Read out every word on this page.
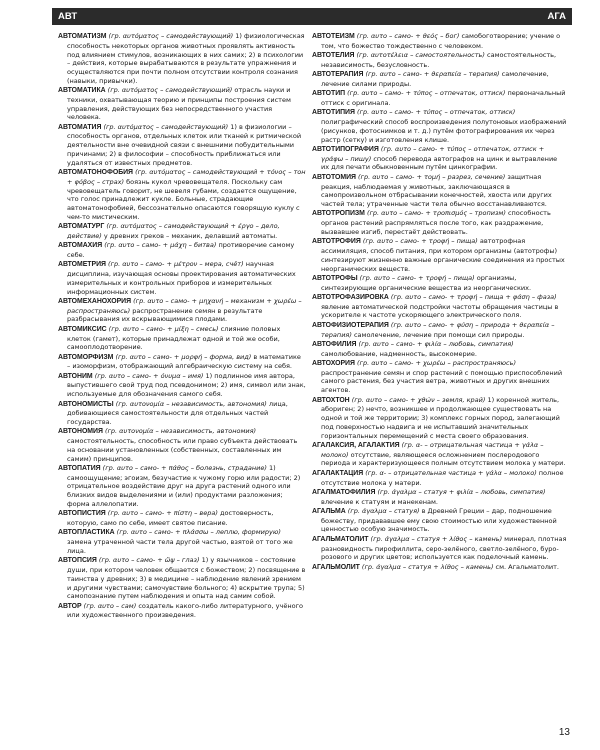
АВТ	АГА

АВТОМАТИЗМ (гр. αυτόματος – самодействующий) 1) физиологическая способность некоторых органов животных проявлять активность под влиянием стимулов, возникающих в них самих; 2) в психологии – действия, которые вырабатываются в результате упражнения и осуществляются при почти полном отсутствии контроля сознания (навыки, привычки).

АВТОМАТИКА (гр. αυτόματος – самодействующий) отрасль науки и техники, охватывающая теорию и принципы построения систем управления, действующих без непосредственного участия человека.

АВТОМАТИЯ (гр. αυτόματος – самодействующий) 1) в физиологии – способность органов, отдельных клеток или тканей к ритмической деятельности вне очевидной связи с внешними побудительными причинами; 2) в философии – способность приближаться или удаляться от известных предметов.

АВТОМАТОНОФОБИЯ (гр. αυτόματος – самодействующий + τόνος – тон + φόβος – страх) боязнь кукол чревовещателя. Поскольку сам чревовещатель говорит, не шевеля губами, создается ощущение, что голос принадлежит кукле. Больные, страдающие автоматонофобией, бессознательно опасаются говорящую куклу с чем-то мистическим.

АВТОМАТУРГ (гр. αυτόματος – самодействующий + έργο – дело, действие) у древних греков – механик, делавший автоматы.

АВТОМАХИЯ (гр. αυτο – само- + μάχη – битва) противоречие самому себе.

АВТОМЕТРИЯ (гр. αυτο – само- + μέτρον – мера, счёт) научная дисциплина, изучающая основы проектирования автоматических измерительных и контрольных приборов и измерительных информационных систем.

АВТОМЕХАНОХОРИЯ (гр. αυτο – само- + μηχανή – механизм + χωρέω – распространяюсь) распространение семян в результате разбрасывания их вскрывающимися плодами.

АВТОМИКСИС (гр. αυτο – само- + μίξη – смесь) слияние половых клеток (гамет), которые принадлежат одной и той же особи, самооплодотворение.

АВТОМОРФИЗМ (гр. αυτο – само- + μορφή – форма, вид) в математике – изоморфизм, отображающий алгебраическую систему на себя.

АВТОНИМ (гр. αυτο – само- + όνυμα – имя) 1) подлинное имя автора, выпустившего свой труд под псевдонимом; 2) имя, символ или знак, используемые для обозначения самого себя.

АВТОНОМИСТЫ (гр. αυτονομία – независимость, автономия) лица, добивающиеся самостоятельности для отдельных частей государства.

АВТОНОМИЯ (гр. αυτονομία – независимость, автономия) самостоятельность, способность или право субъекта действовать на основании установленных (собственных, составленных им самим) принципов.

АВТОПАТИЯ (гр. αυτο – само- + πάθος – болезнь, страдание) 1) самоощущение; эгоизм, безучастие к чужому горю или радости; 2) отрицательное воздействие друг на друга растений одного или близких видов выделениями и (или) продуктами разложения; форма аллелопатии.

АВТОПИСТИЯ (гр. αυτο – само- + πίστη – вера) достоверность, которую, само по себе, имеет святое писание.

АВТОПЛАСТИКА (гр. αυτο – само- + πλάσσω – леплю, формирую) замена утраченной части тела другой частью, взятой от того же лица.

АВТОПСИЯ (гр. αυτο – само- + ὤψ – глаз) 1) у язычников – состояние души, при котором человек общается с божеством; 2) посвящение в таинства у древних; 3) в медицине – наблюдение явлений зрением и другими чувствами; самочувствие больного; 4) вскрытие трупа; 5) самопознание путем наблюдения и опыта над самим собой.

АВТОР (гр. αυτο – сам) создатель какого-либо литературного, учёного или художественного произведения.

АВТОТЕИЗМ (гр. αυτο – само- + θεός – бог) самобоготворение; учение о том, что божество тождественно с человеком.

АВТОТЕЛИЯ (гр. αυτοτέλεια – самостоятельность) самостоятельность, независимость, безусловность.

АВТОТЕРАПИЯ (гр. αυτο – само- + θεραπεία – терапия) самолечение, лечение силами природы.

АВТОТИП (гр. αυτο – само- + τύπος – отпечаток, оттиск) первоначальный оттиск с оригинала.

АВТОТИПИЯ (гр. αυτο – само- + τύπος – отпечаток, оттиск) полиграфический способ воспроизведения полутоновых изображений (рисунков, фотоснимков и т. д.) путём фотографирования их через растр (сетку) и изготовления клише.

АВТОТИПОГРАФИЯ (гр. αυτο – само- + τύπος – отпечаток, оттиск + γράφω – пишу) способ перевода автографов на цинк и вытравление их для печати обыкновенным путём цинкографии.

АВТОТОМИЯ (гр. αυτο – само- + τομή – разрез, сечение) защитная реакция, наблюдаемая у животных, заключающаяся в самопроизвольном отбрасывании конечностей, хвоста или других частей тела; утраченные части тела обычно восстанавливаются.

АВТОТРОПИЗМ (гр. αυτο – само- + τροπισμός – тропизм) способность органов растений распрямляться после того, как раздражение, вызвавшее изгиб, перестаёт действовать.

АВТОТРОФИЯ (гр. αυτο – само- + τροφή – пища) автотрофная ассимиляция, способ питания, при котором организмы (автотрофы) синтезируют жизненно важные органические соединения из простых неорганических веществ.

АВТОТРОФЫ (гр. αυτο – само- + τροφή – пища) организмы, синтезирующие органические вещества из неорганических.

АВТОТРОФАЗИРОВКА (гр. αυτο – само- + τροφή – пища + φάση – фаза) явление автоматической подстройки частоты обращения частицы в ускорителе к частоте ускоряющего электрического поля.

АВТОФИЗИОТЕРАПИЯ (гр. αυτο – само- + φύση – природа + θεραπεία – терапия) самолечение, лечение при помощи сил природы.

АВТОФИЛИЯ (гр. αυτο – само- + φιλία – любовь, симпатия) самолюбование, надменность, высокомерие.

АВТОХОРИЯ (гр. αυτο – само- + χωρέω – распространяюсь) распространение семян и спор растений с помощью приспособлений самого растения, без участия ветра, животных и других внешних агентов.

АВТОХТОН (гр. αυτο – само- + χθών – земля, край) 1) коренной житель, абориген; 2) нечто, возникшее и продолжающее существовать на одной и той же территории; 3) комплекс горных пород, залегающий под поверхностью надвига и не испытавший значительных горизонтальных перемещений с места своего образования.

АГАЛАКСИЯ, АГАЛАКТИЯ (гр. α- – отрицательная частица + γάλα – молоко) отсутствие, являющееся осложнением послеродового периода и характеризующееся полным отсутствием молока у матери.

АГАЛАКТАЦИЯ (гр. α- – отрицательная частица + γάλα – молоко) полное отсутствие молока у матери.

АГАЛМАТОФИЛИЯ (гр. άγαλμα – статуя + φιλία – любовь, симпатия) влечение к статуям и манекенам.

АГАЛЬМА (гр. άγαλμα – статуя) в Древней Греции – дар, подношение божеству, придававшее ему свою стоимостью или художественной ценностью особую значимость.

АГАЛЬМАТОЛИТ (гр. άγαλμα – статуя + λίθος – камень) минерал, плотная разновидность пирофиллита, серо-зелёного, светло-зелёного, буро-розового и других цветов; используется как поделочный камень.

АГАЛЬМОЛИТ (гр. άγαλμα – статуя + λίθος – камень) см. Агальматолит.

13
